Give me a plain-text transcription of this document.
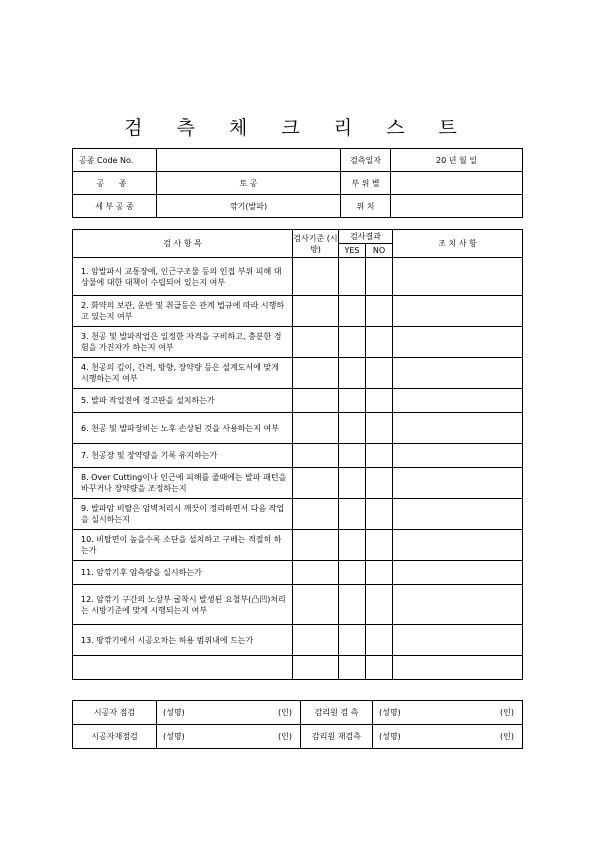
검 측 체 크 리 스 트
공종 Code No.		검측일자	20 년 월 일
공 종	토 공	부 위 별	
세 부 공 종	깎기(발파)	위 치	
검 사 항 목	검사기준 (시방)	검사결과		조 치 사 항
		YES	NO	
1. 암발파시 교통장애, 인근구조물 등의 인접 부위 피해 대상물에 대한 대책이 수립되어 있는지 여부				
2. 화약의 보관, 운반 및 취급등은 관계 법규에 따라 시행하고 있는지 여부				
3. 천공 및 발파작업은 일정한 자격을 구비하고, 충분한 경험을 가진자가 하는지 여부				
4. 천공의 깊이, 간격, 방향, 장약량 등은 설계도서에 맞게 시행하는지 여부				
5. 발파 작업전에 경고판을 설치하는가				
6. 천공 및 발파장비는 노후 손상된 것을 사용하는지 여부				
7. 천공장 및 장약량을 기록 유지하는가				
8. Over Cutting이나 인근에 피해를 줄때에는 발파 패턴을 바꾸거나 장약량을 조정하는지				
9. 발파암 비탈은 암벽처리시 깨끗이 정리하면서 다음 작업을 실시하는지				
10. 비탈면이 높을수록 소단을 설치하고 구배는 적절히 하는가				
11. 암깎기후 암측량을 실시하는가				
12. 암깎기 구간의 노상부 굴착시 발생된 요철부(凸凹)처리는 시방기준에 맞게 시행되는지 여부				
13. 땅깎기에서 시공오차는 허용 범위내에 드는가				

시공자 점검	(성명)	(인)	감리원 검 측	(성명)	(인)
시공자재점검	(성명)	(인)	감리원 재검측	(성명)	(인)
